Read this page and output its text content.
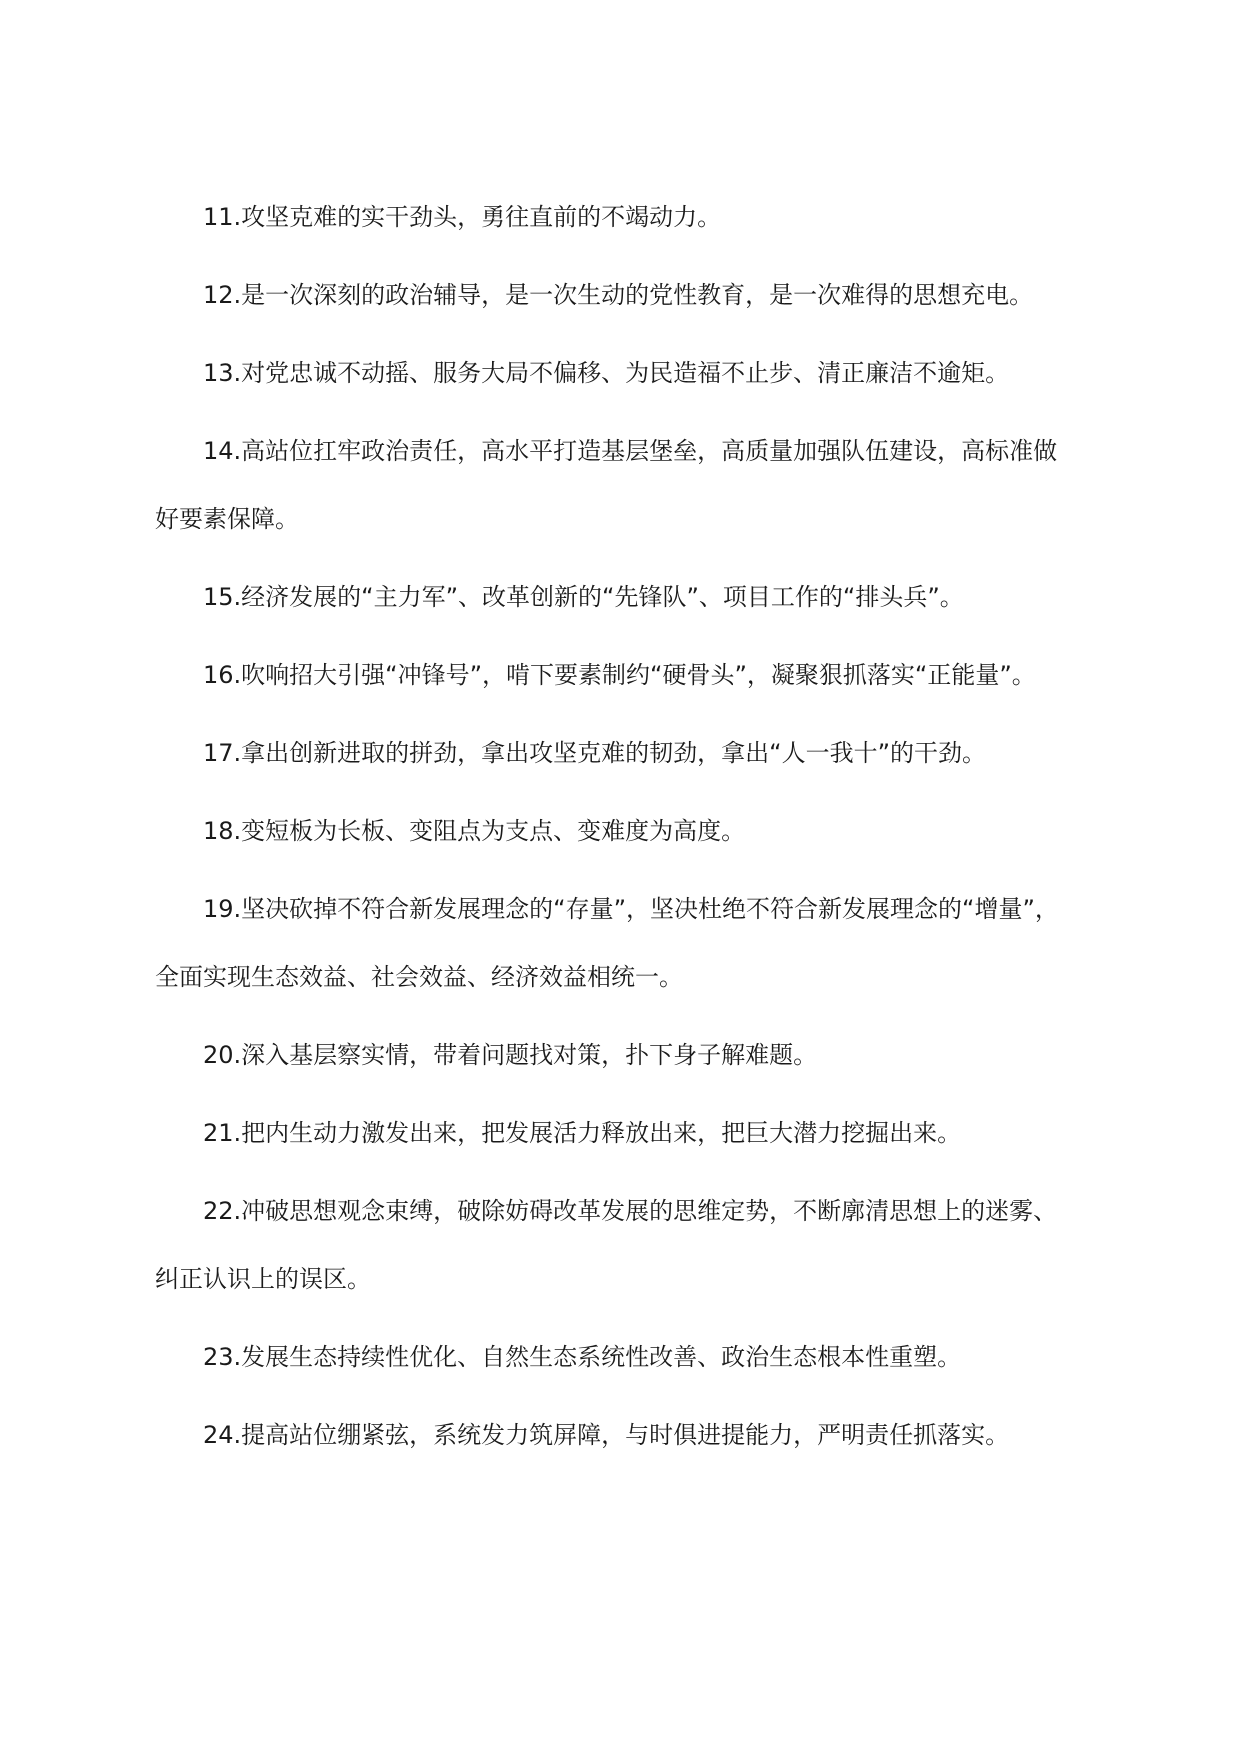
11.攻坚克难的实干劲头，勇往直前的不竭动力。

12.是一次深刻的政治辅导，是一次生动的党性教育，是一次难得的思想充电。

13.对党忠诚不动摇、服务大局不偏移、为民造福不止步、清正廉洁不逾矩。

14.高站位扛牢政治责任，高水平打造基层堡垒，高质量加强队伍建设，高标准做好要素保障。

15.经济发展的“主力军”、改革创新的“先锋队”、项目工作的“排头兵”。

16.吹响招大引强“冲锋号”，啃下要素制约“硬骨头”，凝聚狠抓落实“正能量”。

17.拿出创新进取的拼劲，拿出攻坚克难的韧劲，拿出“人一我十”的干劲。

18.变短板为长板、变阻点为支点、变难度为高度。

19.坚决砍掉不符合新发展理念的“存量”，坚决杜绝不符合新发展理念的“增量”，全面实现生态效益、社会效益、经济效益相统一。

20.深入基层察实情，带着问题找对策，扑下身子解难题。

21.把内生动力激发出来，把发展活力释放出来，把巨大潜力挖掘出来。

22.冲破思想观念束缚，破除妨碍改革发展的思维定势，不断廓清思想上的迷雾、纠正认识上的误区。

23.发展生态持续性优化、自然生态系统性改善、政治生态根本性重塑。

24.提高站位绷紧弦，系统发力筑屏障，与时俱进提能力，严明责任抓落实。
